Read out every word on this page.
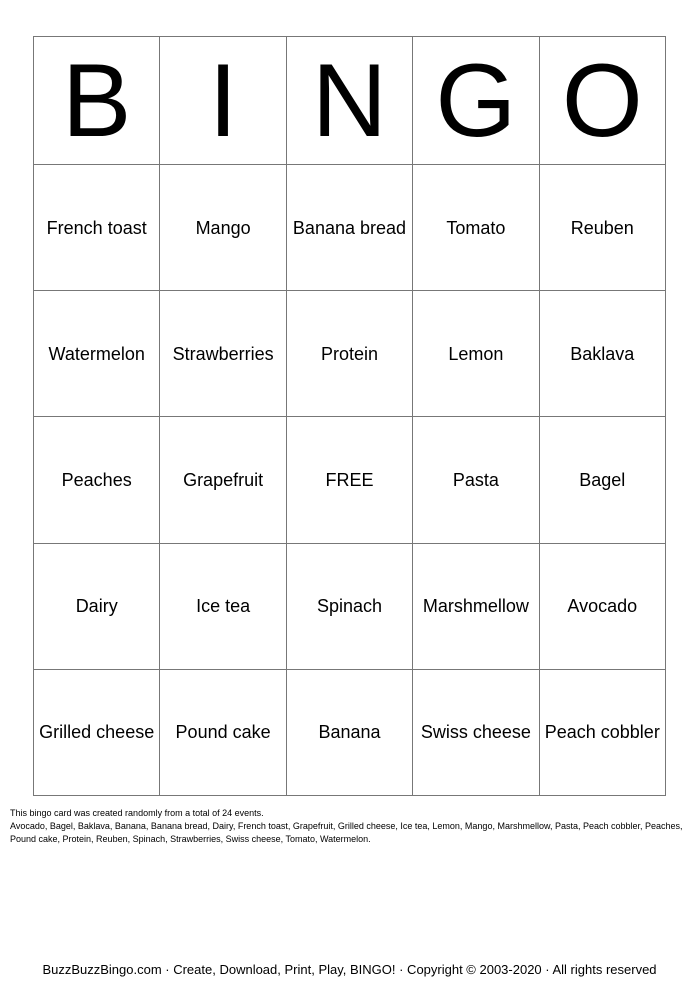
B	I	N	G	O
French toast	Mango	Banana bread	Tomato	Reuben
Watermelon	Strawberries	Protein	Lemon	Baklava
Peaches	Grapefruit	FREE	Pasta	Bagel
Dairy	Ice tea	Spinach	Marshmellow	Avocado
Grilled cheese	Pound cake	Banana	Swiss cheese	Peach cobbler
This bingo card was created randomly from a total of 24 events.
Avocado, Bagel, Baklava, Banana, Banana bread, Dairy, French toast, Grapefruit, Grilled cheese, Ice tea, Lemon, Mango, Marshmellow, Pasta, Peach cobbler, Peaches, Pound cake, Protein, Reuben, Spinach, Strawberries, Swiss cheese, Tomato, Watermelon.
BuzzBuzzBingo.com · Create, Download, Print, Play, BINGO! · Copyright © 2003-2020 · All rights reserved
